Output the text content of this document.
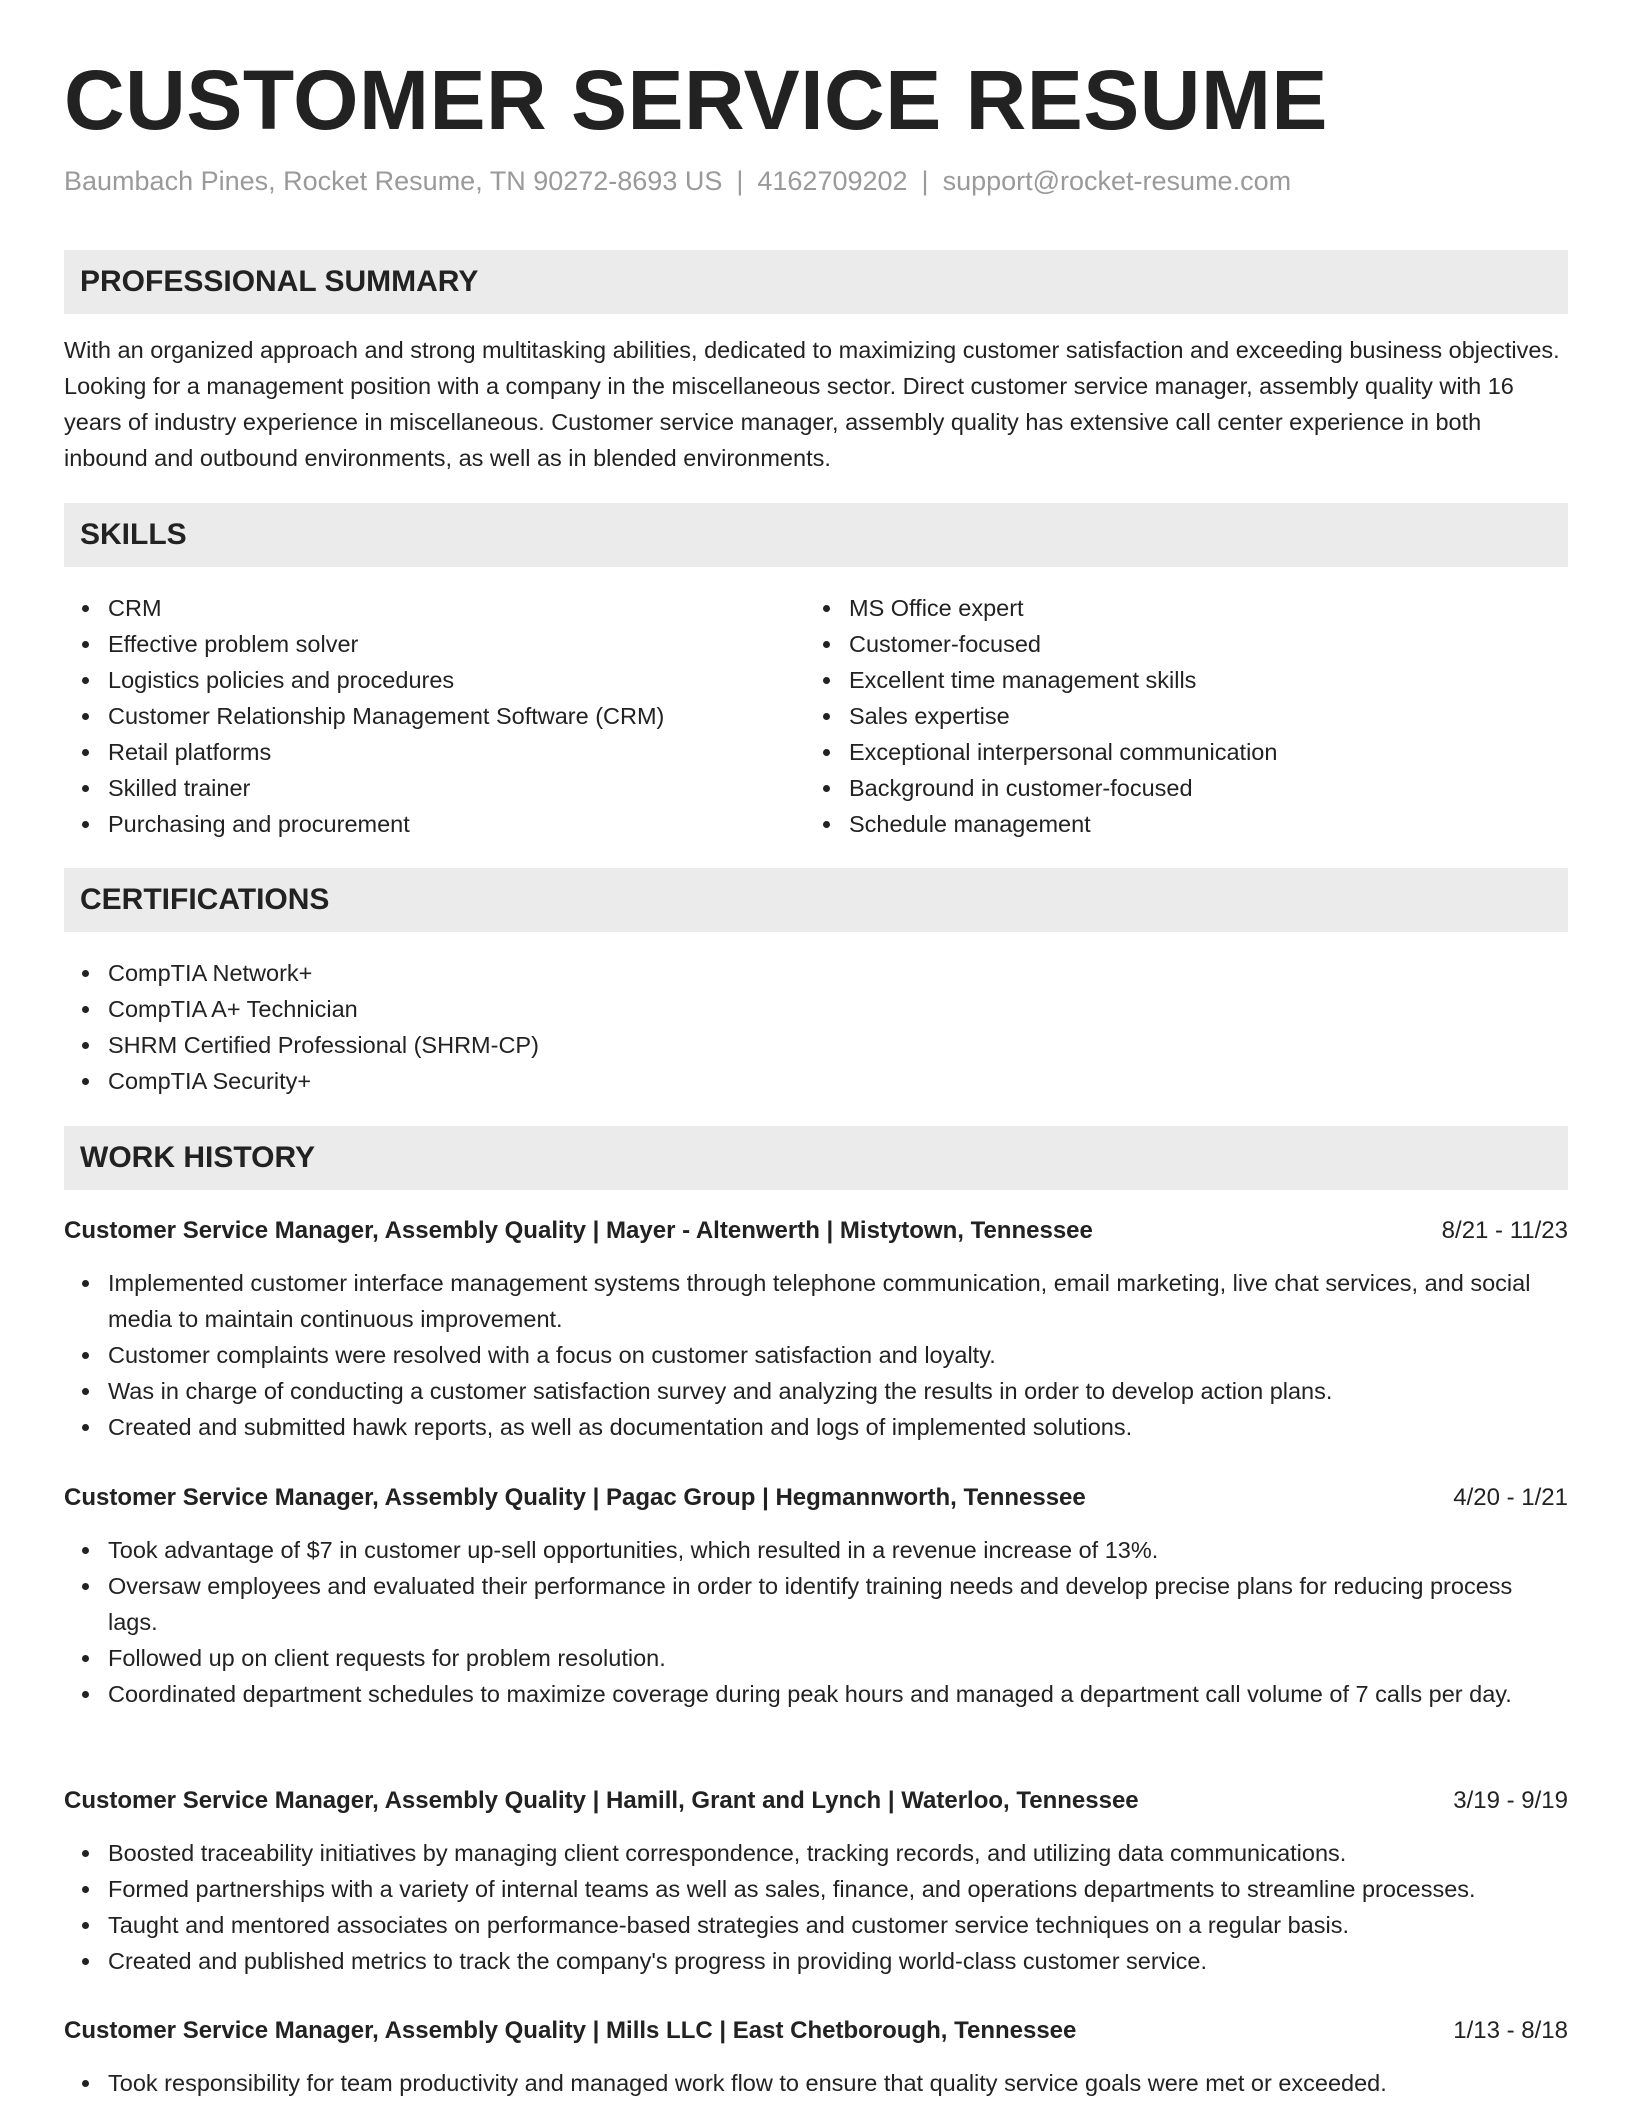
CUSTOMER SERVICE RESUME
Baumbach Pines, Rocket Resume, TN 90272-8693 US | 4162709202 | support@rocket-resume.com
PROFESSIONAL SUMMARY

With an organized approach and strong multitasking abilities, dedicated to maximizing customer satisfaction and exceeding business objectives. Looking for a management position with a company in the miscellaneous sector. Direct customer service manager, assembly quality with 16 years of industry experience in miscellaneous. Customer service manager, assembly quality has extensive call center experience in both inbound and outbound environments, as well as in blended environments.

SKILLS
CRM
Effective problem solver
Logistics policies and procedures
Customer Relationship Management Software (CRM)
Retail platforms
Skilled trainer
Purchasing and procurement
MS Office expert
Customer-focused
Excellent time management skills
Sales expertise
Exceptional interpersonal communication
Background in customer-focused
Schedule management
CERTIFICATIONS
CompTIA Network+
CompTIA A+ Technician
SHRM Certified Professional (SHRM-CP)
CompTIA Security+
WORK HISTORY
Customer Service Manager, Assembly Quality | Mayer - Altenwerth | Mistytown, Tennessee	8/21 - 11/23
Implemented customer interface management systems through telephone communication, email marketing, live chat services, and social media to maintain continuous improvement.
Customer complaints were resolved with a focus on customer satisfaction and loyalty.
Was in charge of conducting a customer satisfaction survey and analyzing the results in order to develop action plans.
Created and submitted hawk reports, as well as documentation and logs of implemented solutions.
Customer Service Manager, Assembly Quality | Pagac Group | Hegmannworth, Tennessee	4/20 - 1/21
Took advantage of $7 in customer up-sell opportunities, which resulted in a revenue increase of 13%.
Oversaw employees and evaluated their performance in order to identify training needs and develop precise plans for reducing process lags.
Followed up on client requests for problem resolution.
Coordinated department schedules to maximize coverage during peak hours and managed a department call volume of 7 calls per day.
Customer Service Manager, Assembly Quality | Hamill, Grant and Lynch | Waterloo, Tennessee	3/19 - 9/19
Boosted traceability initiatives by managing client correspondence, tracking records, and utilizing data communications.
Formed partnerships with a variety of internal teams as well as sales, finance, and operations departments to streamline processes.
Taught and mentored associates on performance-based strategies and customer service techniques on a regular basis.
Created and published metrics to track the company's progress in providing world-class customer service.
Customer Service Manager, Assembly Quality | Mills LLC | East Chetborough, Tennessee	1/13 - 8/18
Took responsibility for team productivity and managed work flow to ensure that quality service goals were met or exceeded.
